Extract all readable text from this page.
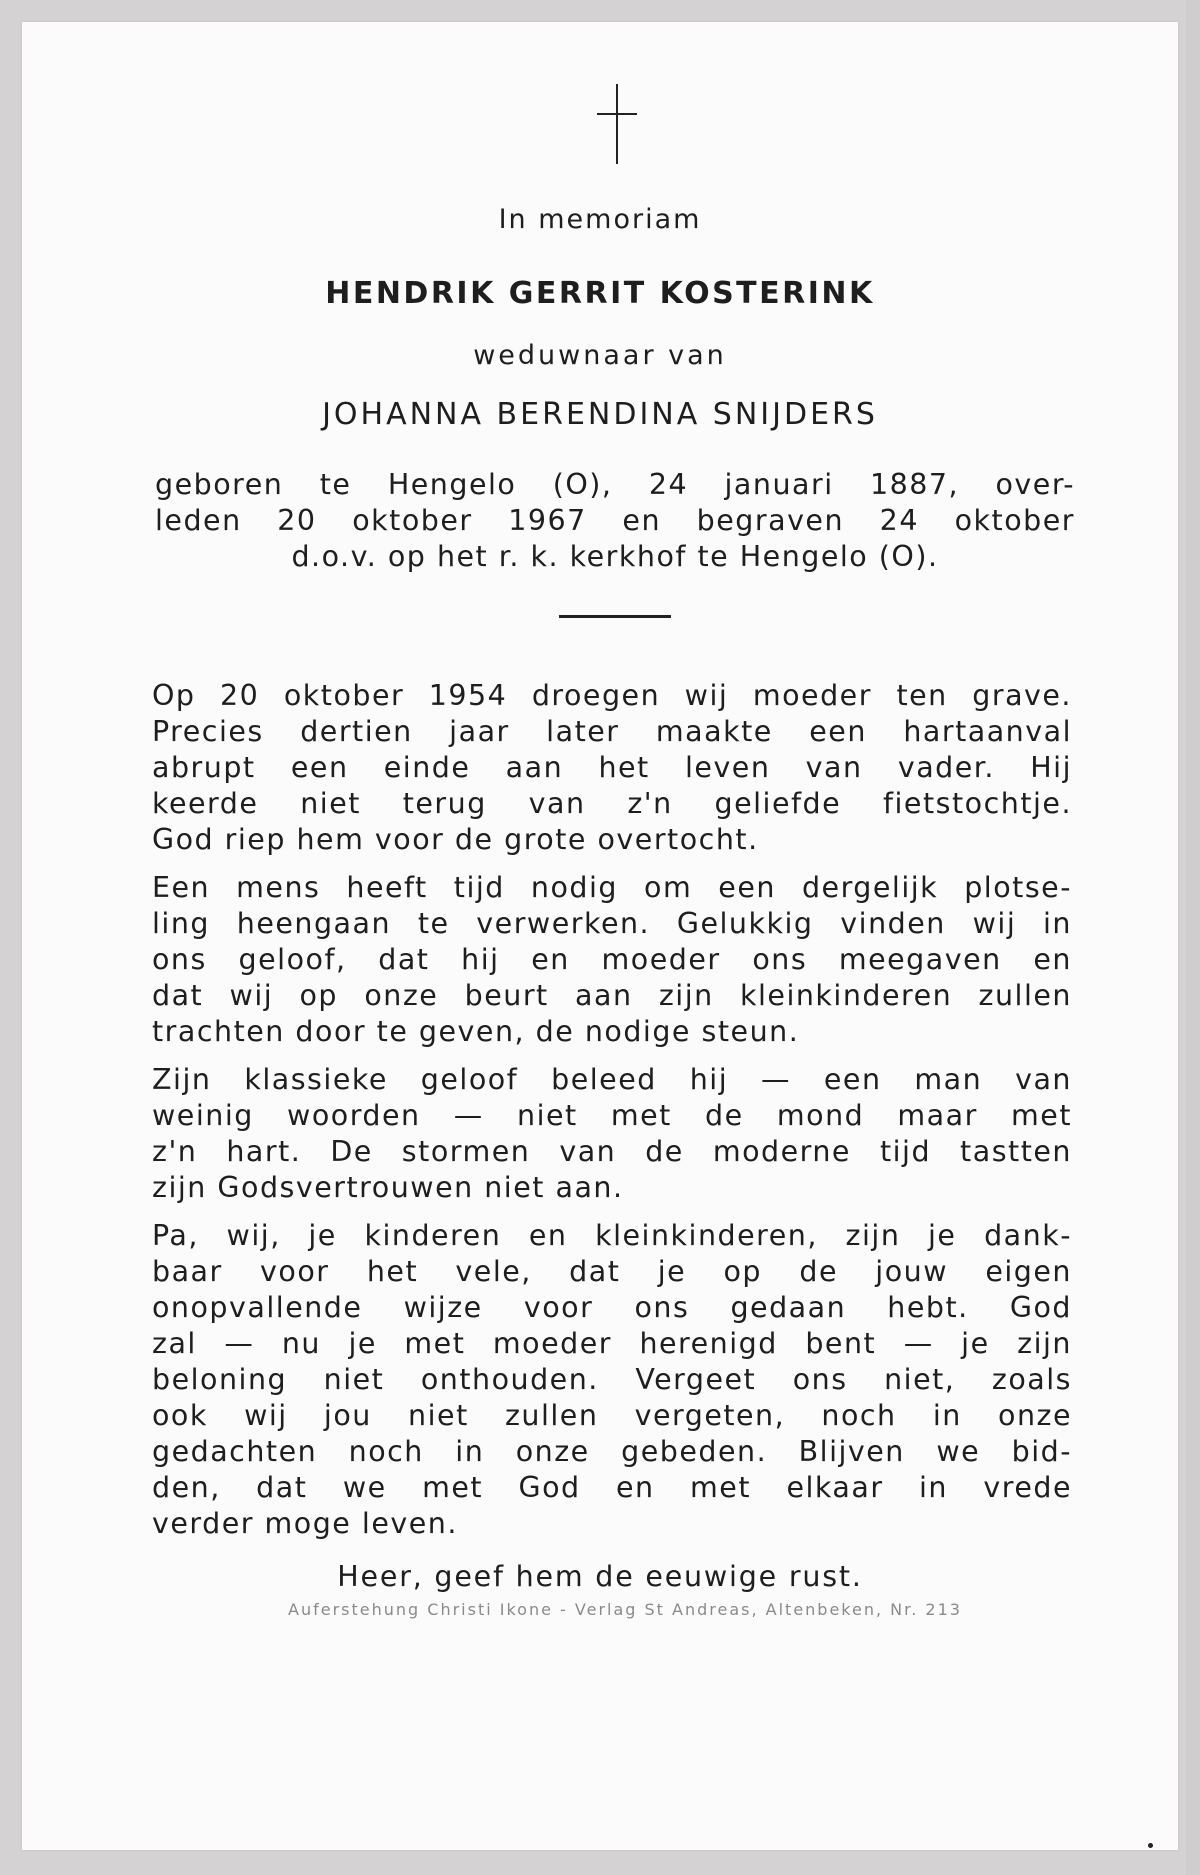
In memoriam
HENDRIK GERRIT KOSTERINK
weduwnaar van
JOHANNA BERENDINA SNIJDERS
geboren te Hengelo (O), 24 januari 1887, over-
leden 20 oktober 1967 en begraven 24 oktober
d.o.v. op het r. k. kerkhof te Hengelo (O).
Op 20 oktober 1954 droegen wij moeder ten grave.
Precies dertien jaar later maakte een hartaanval
abrupt een einde aan het leven van vader. Hij
keerde niet terug van z'n geliefde fietstochtje.
God riep hem voor de grote overtocht.
Een mens heeft tijd nodig om een dergelijk plotse-
ling heengaan te verwerken. Gelukkig vinden wij in
ons geloof, dat hij en moeder ons meegaven en
dat wij op onze beurt aan zijn kleinkinderen zullen
trachten door te geven, de nodige steun.
Zijn klassieke geloof beleed hij — een man van
weinig woorden — niet met de mond maar met
z'n hart. De stormen van de moderne tijd tastten
zijn Godsvertrouwen niet aan.
Pa, wij, je kinderen en kleinkinderen, zijn je dank-
baar voor het vele, dat je op de jouw eigen
onopvallende wijze voor ons gedaan hebt. God
zal — nu je met moeder herenigd bent — je zijn
beloning niet onthouden. Vergeet ons niet, zoals
ook wij jou niet zullen vergeten, noch in onze
gedachten noch in onze gebeden. Blijven we bid-
den, dat we met God en met elkaar in vrede
verder moge leven.
Heer, geef hem de eeuwige rust.
Auferstehung Christi Ikone - Verlag St Andreas, Altenbeken, Nr. 213
